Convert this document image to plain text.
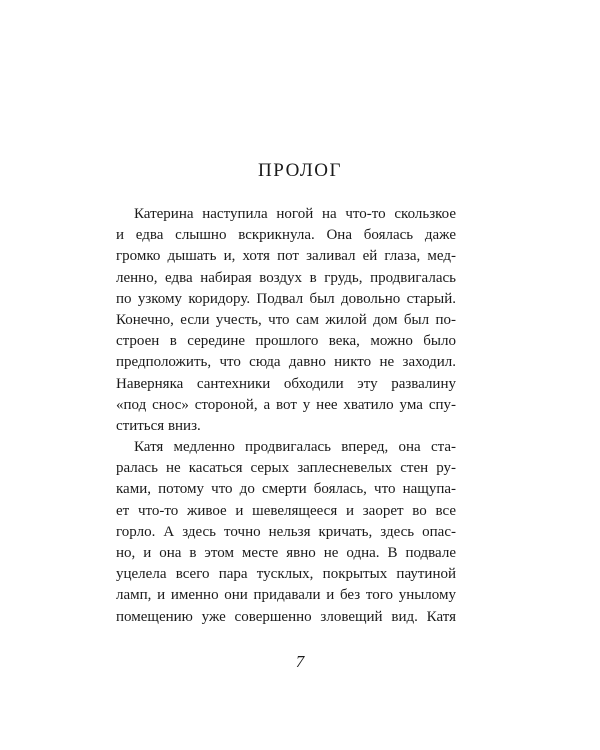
ПРОЛОГ
Катерина наступила ногой на что-то скользкое
и едва слышно вскрикнула. Она боялась даже
громко дышать и, хотя пот заливал ей глаза, мед-
ленно, едва набирая воздух в грудь, продвигалась
по узкому коридору. Подвал был довольно старый.
Конечно, если учесть, что сам жилой дом был по-
строен в середине прошлого века, можно было
предположить, что сюда давно никто не заходил.
Наверняка сантехники обходили эту развалину
«под снос» стороной, а вот у нее хватило ума спу-
ститься вниз.
Катя медленно продвигалась вперед, она ста-
ралась не касаться серых заплесневелых стен ру-
ками, потому что до смерти боялась, что нащупа-
ет что-то живое и шевелящееся и заорет во все
горло. А здесь точно нельзя кричать, здесь опас-
но, и она в этом месте явно не одна. В подвале
уцелела всего пара тусклых, покрытых паутиной
ламп, и именно они придавали и без того унылому
помещению уже совершенно зловещий вид. Катя
7
